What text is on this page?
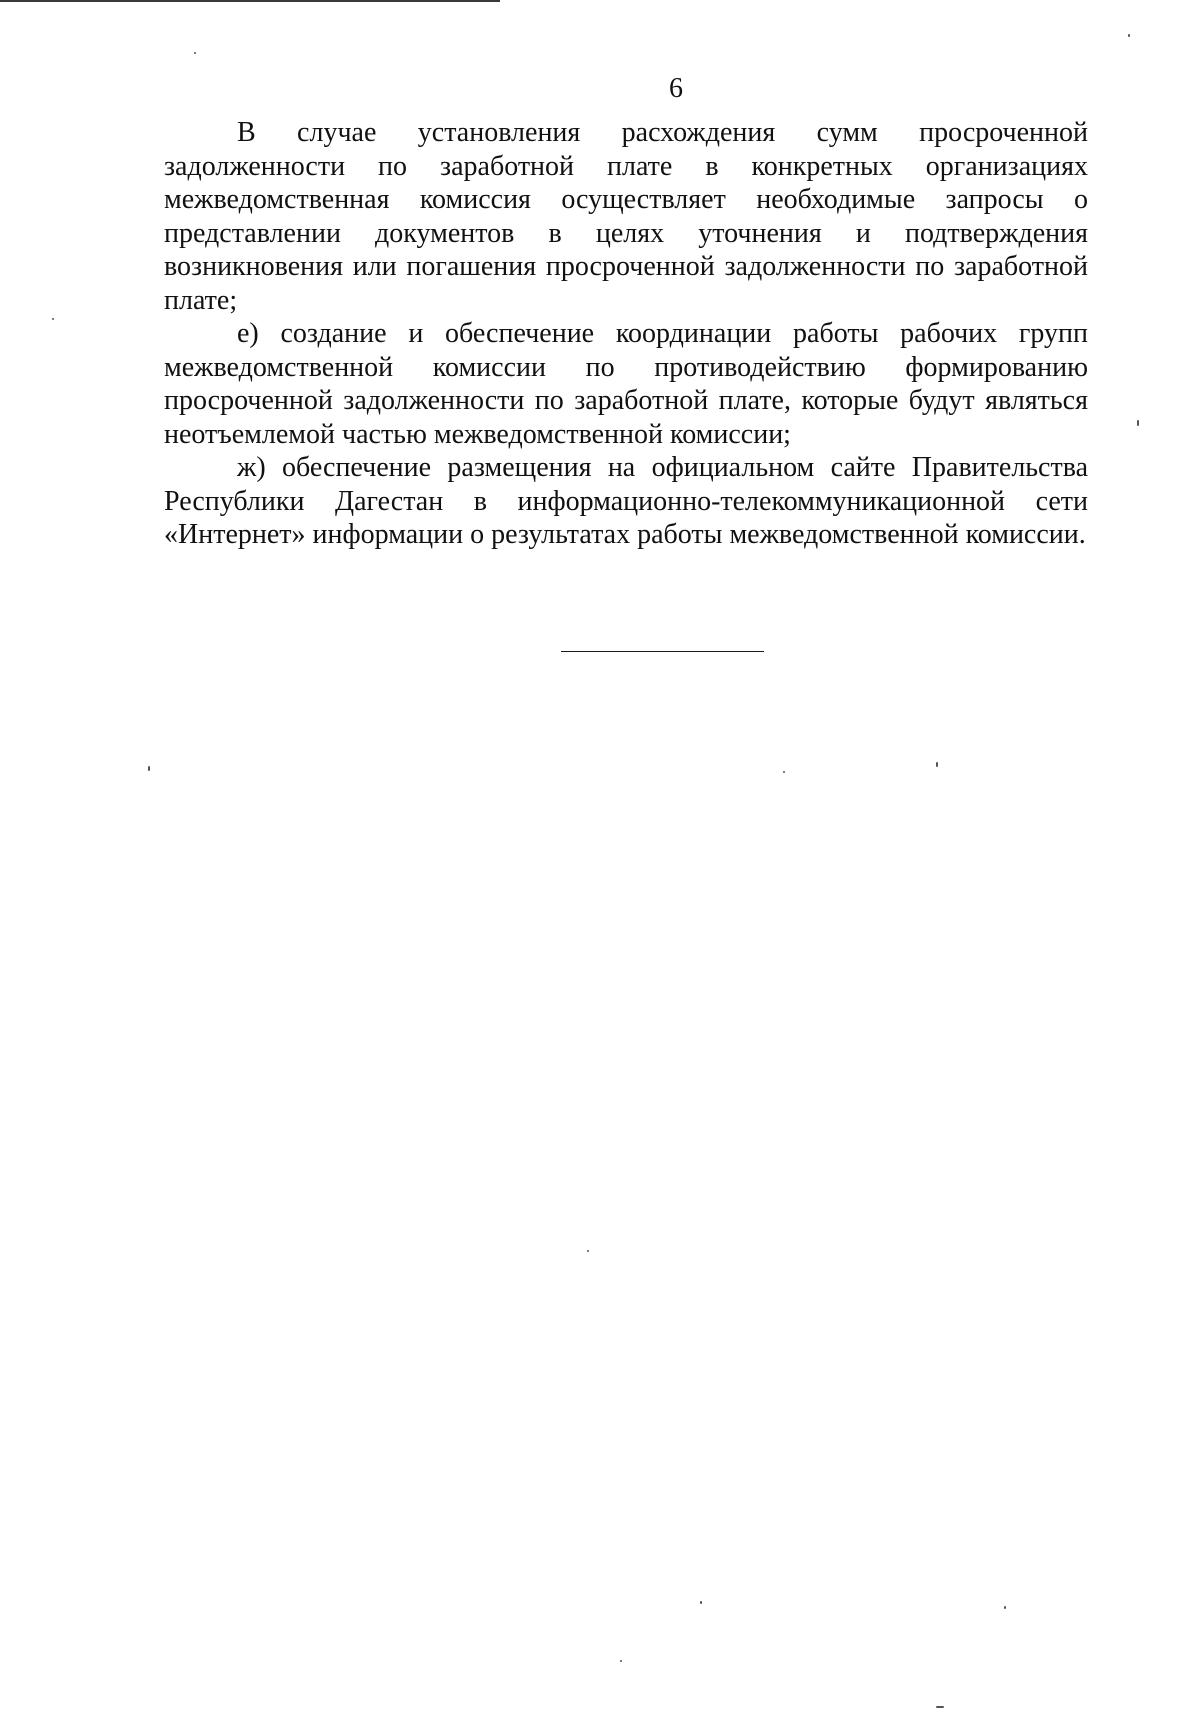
6

В случае установления расхождения сумм просроченной задолженности по заработной плате в конкретных организациях межведомственная комиссия осуществляет необходимые запросы о представлении документов в целях уточнения и подтверждения возникновения или погашения просроченной задолженности по заработной плате;

е) создание и обеспечение координации работы рабочих групп межведомственной комиссии по противодействию формированию просроченной задолженности по заработной плате, которые будут являться неотъемлемой частью межведомственной комиссии;

ж) обеспечение размещения на официальном сайте Правительства Республики Дагестан в информационно-телекоммуникационной сети «Интернет» информации о результатах работы межведомственной комиссии.
